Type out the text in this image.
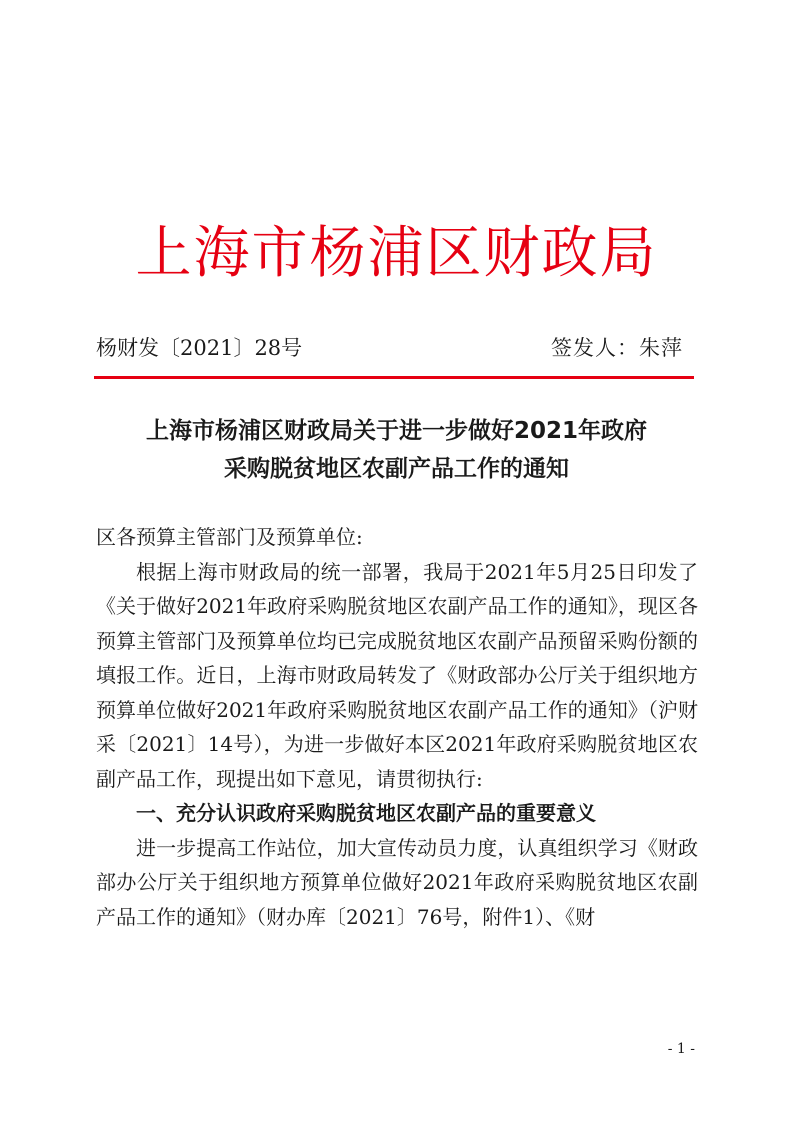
上海市杨浦区财政局
杨财发〔2021〕28号	签发人：朱萍
上海市杨浦区财政局关于进一步做好2021年政府
采购脱贫地区农副产品工作的通知

区各预算主管部门及预算单位:

根据上海市财政局的统一部署，我局于2021年5月25日印发了《关于做好2021年政府采购脱贫地区农副产品工作的通知》，现区各预算主管部门及预算单位均已完成脱贫地区农副产品预留采购份额的填报工作。近日，上海市财政局转发了《财政部办公厅关于组织地方预算单位做好2021年政府采购脱贫地区农副产品工作的通知》（沪财采〔2021〕14号），为进一步做好本区2021年政府采购脱贫地区农副产品工作，现提出如下意见，请贯彻执行:

一、充分认识政府采购脱贫地区农副产品的重要意义

进一步提高工作站位，加大宣传动员力度，认真组织学习《财政部办公厅关于组织地方预算单位做好2021年政府采购脱贫地区农副产品工作的通知》（财办库〔2021〕76号，附件1）、《财

- 1 -
